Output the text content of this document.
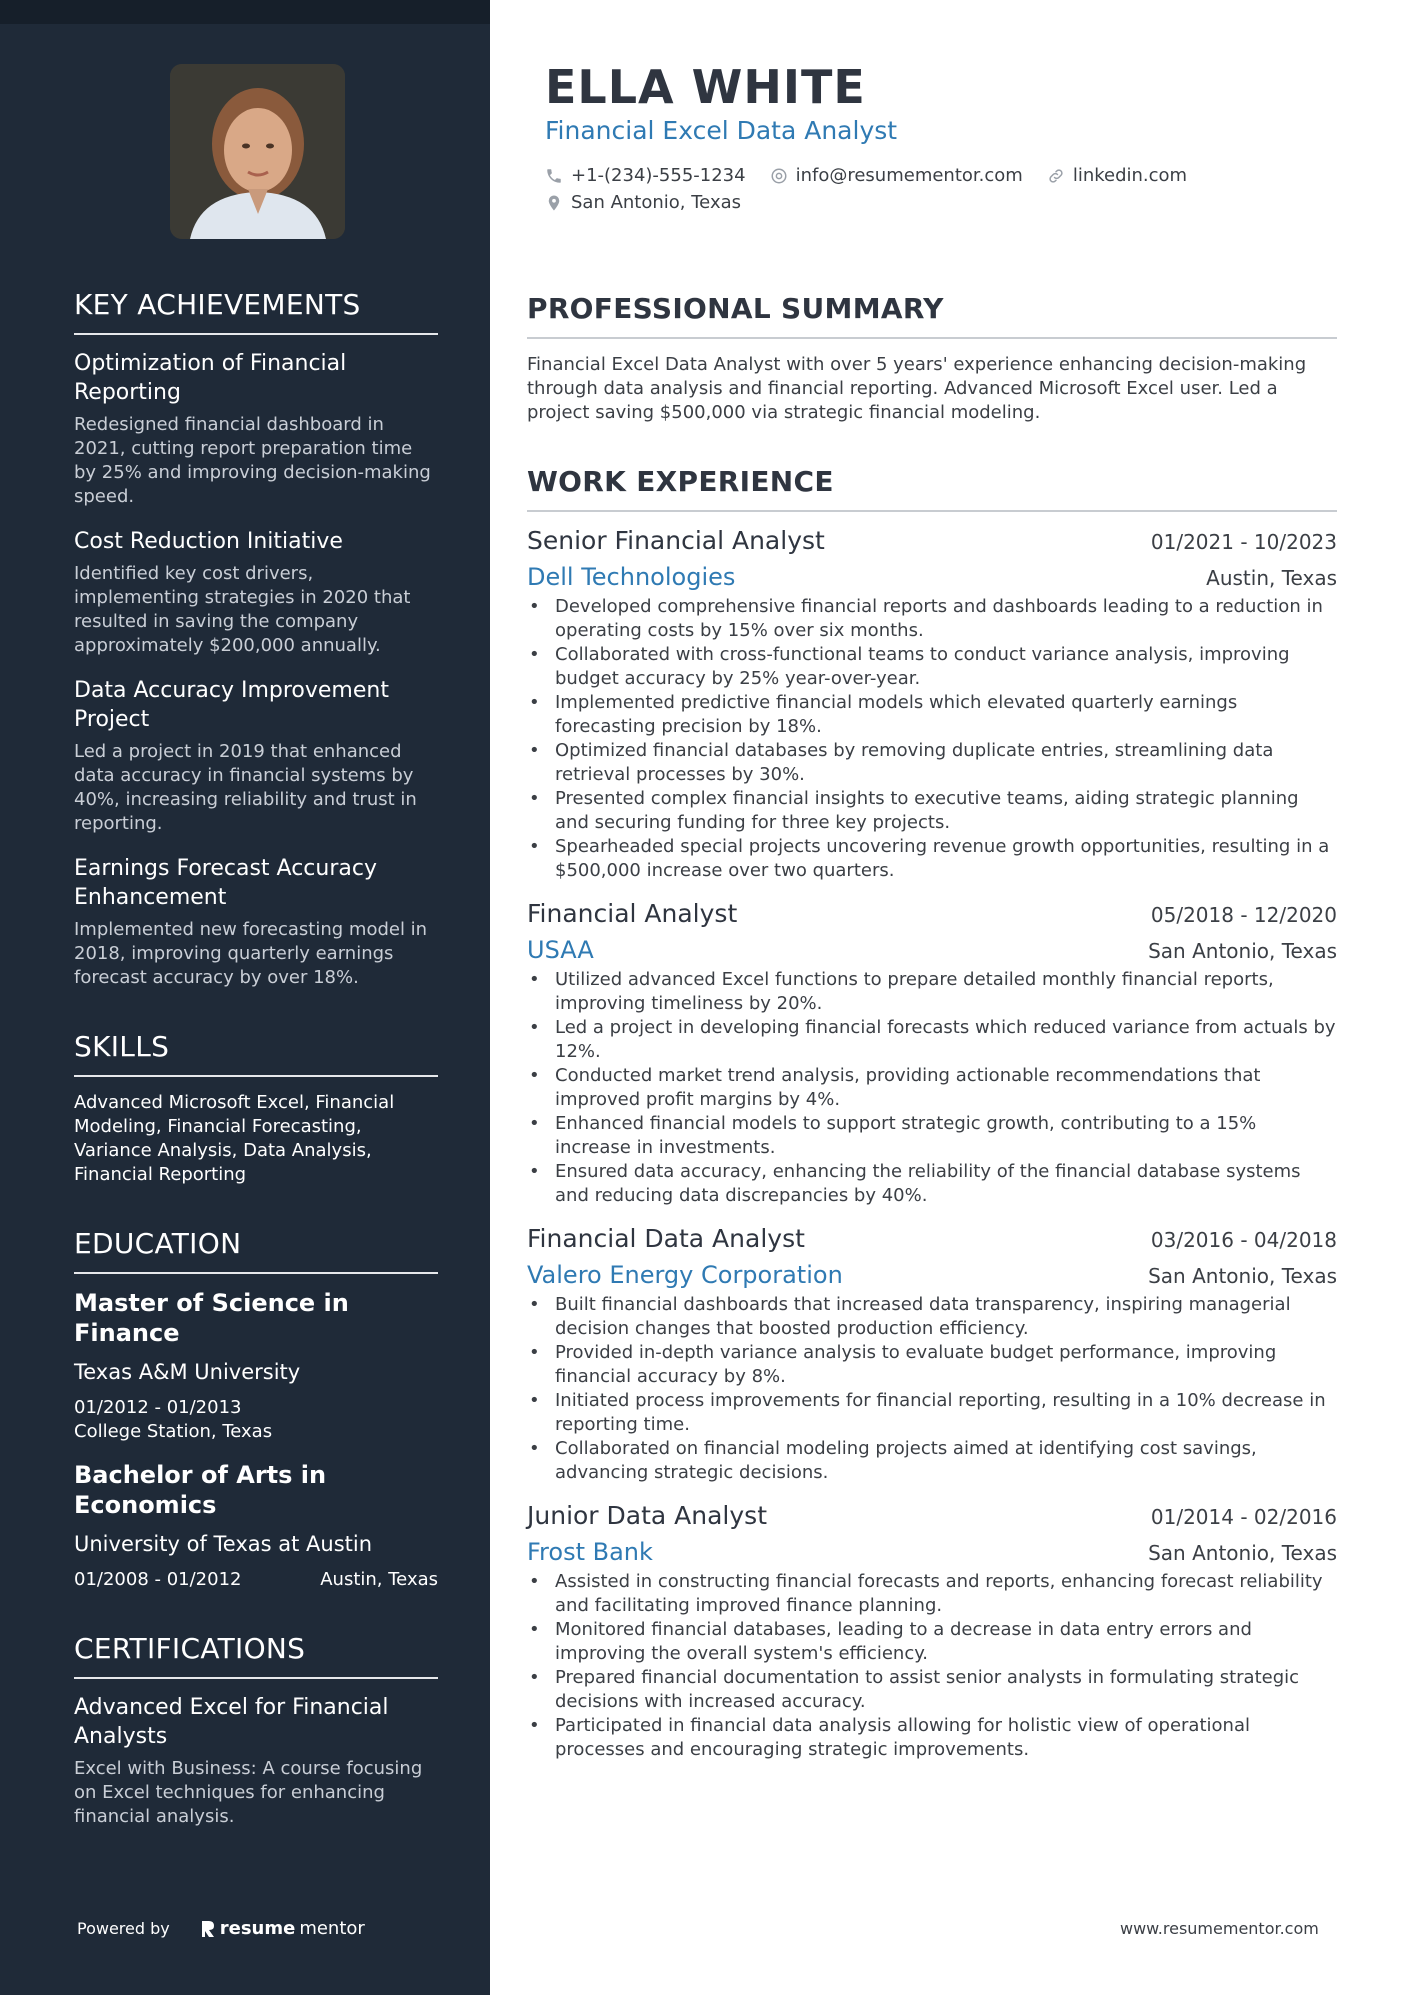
KEY ACHIEVEMENTS
Optimization of Financial Reporting
Redesigned financial dashboard in 2021, cutting report preparation time by 25% and improving decision-making speed.
Cost Reduction Initiative
Identified key cost drivers, implementing strategies in 2020 that resulted in saving the company approximately $200,000 annually.
Data Accuracy Improvement Project
Led a project in 2019 that enhanced data accuracy in financial systems by 40%, increasing reliability and trust in reporting.
Earnings Forecast Accuracy Enhancement
Implemented new forecasting model in 2018, improving quarterly earnings forecast accuracy by over 18%.
SKILLS
Advanced Microsoft Excel, Financial Modeling, Financial Forecasting, Variance Analysis, Data Analysis, Financial Reporting
EDUCATION
Master of Science in Finance
Texas A&M University
01/2012 - 01/2013
College Station, Texas
Bachelor of Arts in Economics
University of Texas at Austin
01/2008 - 01/2012	Austin, Texas
CERTIFICATIONS
Advanced Excel for Financial Analysts
Excel with Business: A course focusing on Excel techniques for enhancing financial analysis.
Powered by	resume mentor
ELLA WHITE
Financial Excel Data Analyst
+1-(234)-555-1234	info@resumementor.com	linkedin.com
San Antonio, Texas
PROFESSIONAL SUMMARY

Financial Excel Data Analyst with over 5 years' experience enhancing decision-making through data analysis and financial reporting. Advanced Microsoft Excel user. Led a project saving $500,000 via strategic financial modeling.

WORK EXPERIENCE
Senior Financial Analyst	01/2021 - 10/2023
Dell Technologies	Austin, Texas
• Developed comprehensive financial reports and dashboards leading to a reduction in operating costs by 15% over six months.
• Collaborated with cross-functional teams to conduct variance analysis, improving budget accuracy by 25% year-over-year.
• Implemented predictive financial models which elevated quarterly earnings forecasting precision by 18%.
• Optimized financial databases by removing duplicate entries, streamlining data retrieval processes by 30%.
• Presented complex financial insights to executive teams, aiding strategic planning and securing funding for three key projects.
• Spearheaded special projects uncovering revenue growth opportunities, resulting in a $500,000 increase over two quarters.
Financial Analyst	05/2018 - 12/2020
USAA	San Antonio, Texas
• Utilized advanced Excel functions to prepare detailed monthly financial reports, improving timeliness by 20%.
• Led a project in developing financial forecasts which reduced variance from actuals by 12%.
• Conducted market trend analysis, providing actionable recommendations that improved profit margins by 4%.
• Enhanced financial models to support strategic growth, contributing to a 15% increase in investments.
• Ensured data accuracy, enhancing the reliability of the financial database systems and reducing data discrepancies by 40%.
Financial Data Analyst	03/2016 - 04/2018
Valero Energy Corporation	San Antonio, Texas
• Built financial dashboards that increased data transparency, inspiring managerial decision changes that boosted production efficiency.
• Provided in-depth variance analysis to evaluate budget performance, improving financial accuracy by 8%.
• Initiated process improvements for financial reporting, resulting in a 10% decrease in reporting time.
• Collaborated on financial modeling projects aimed at identifying cost savings, advancing strategic decisions.
Junior Data Analyst	01/2014 - 02/2016
Frost Bank	San Antonio, Texas
• Assisted in constructing financial forecasts and reports, enhancing forecast reliability and facilitating improved finance planning.
• Monitored financial databases, leading to a decrease in data entry errors and improving the overall system's efficiency.
• Prepared financial documentation to assist senior analysts in formulating strategic decisions with increased accuracy.
• Participated in financial data analysis allowing for holistic view of operational processes and encouraging strategic improvements.
www.resumementor.com
